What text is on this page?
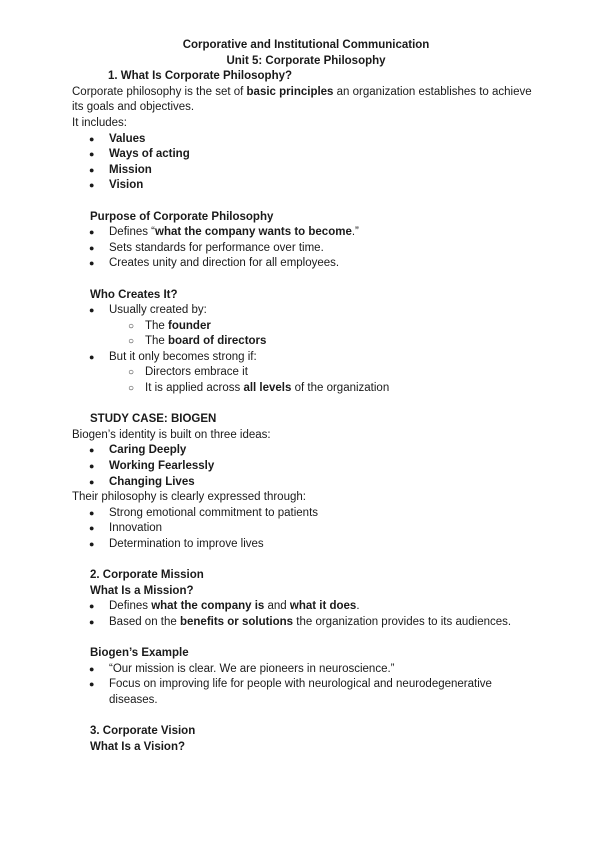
Corporative and Institutional Communication
Unit 5: Corporate Philosophy
1. What Is Corporate Philosophy?
Corporate philosophy is the set of basic principles an organization establishes to achieve its goals and objectives.
It includes:
● Values
● Ways of acting
● Mission
● Vision
Purpose of Corporate Philosophy
● Defines “what the company wants to become.”
● Sets standards for performance over time.
● Creates unity and direction for all employees.
Who Creates It?
● Usually created by:
○ The founder
○ The board of directors
● But it only becomes strong if:
○ Directors embrace it
○ It is applied across all levels of the organization
STUDY CASE: BIOGEN
Biogen’s identity is built on three ideas:
● Caring Deeply
● Working Fearlessly
● Changing Lives
Their philosophy is clearly expressed through:
● Strong emotional commitment to patients
● Innovation
● Determination to improve lives
2. Corporate Mission
What Is a Mission?
● Defines what the company is and what it does.
● Based on the benefits or solutions the organization provides to its audiences.
Biogen’s Example
● “Our mission is clear. We are pioneers in neuroscience.”
● Focus on improving life for people with neurological and neurodegenerative diseases.
3. Corporate Vision
What Is a Vision?
